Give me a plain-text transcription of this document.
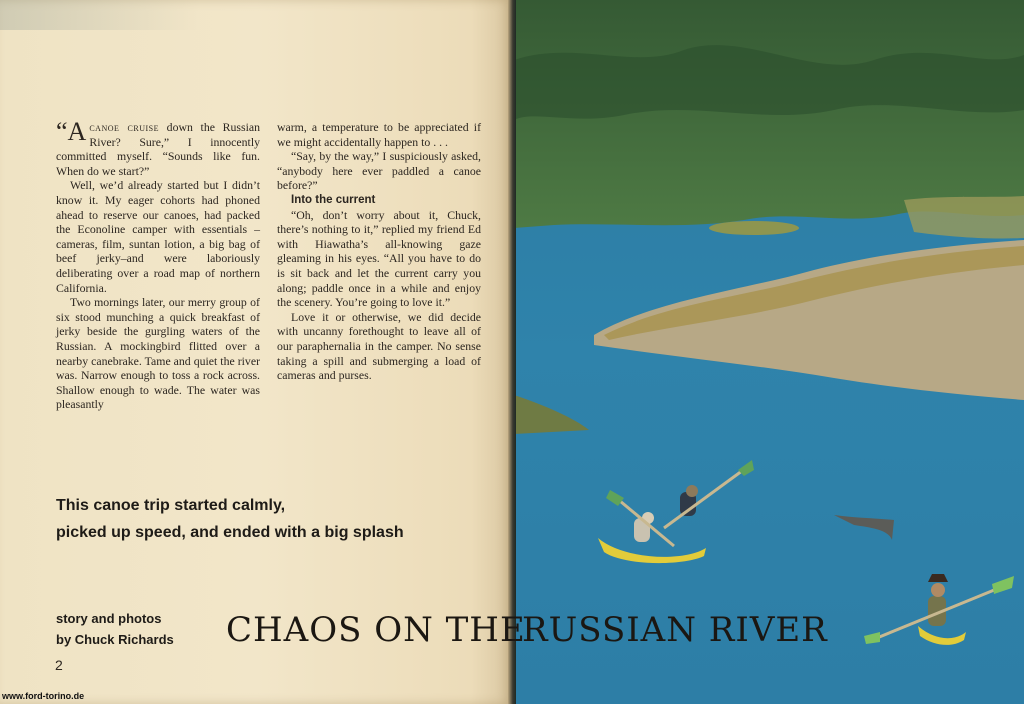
“Acanoe cruise down the Russian River? Sure,” I innocently committed myself. “Sounds like fun. When do we start?”

Well, we’d already started but I didn’t know it. My eager cohorts had phoned ahead to reserve our canoes, had packed the Econoline camper with essentials – cameras, film, suntan lotion, a big bag of beef jerky–and were laboriously deliberating over a road map of northern California.

Two mornings later, our merry group of six stood munching a quick breakfast of jerky beside the gurgling waters of the Russian. A mockingbird flitted over a nearby canebrake. Tame and quiet the river was. Narrow enough to toss a rock across. Shallow enough to wade. The water was pleasantly

warm, a temperature to be appreciated if we might accidentally happen to . . .

“Say, by the way,” I suspiciously asked, “anybody here ever paddled a canoe before?”

Into the current

“Oh, don’t worry about it, Chuck, there’s nothing to it,” replied my friend Ed with Hiawatha’s all-knowing gaze gleaming in his eyes. “All you have to do is sit back and let the current carry you along; paddle once in a while and enjoy the scenery. You’re going to love it.”

Love it or otherwise, we did decide with uncanny forethought to leave all of our paraphernalia in the camper. No sense taking a spill and submerging a load of cameras and purses.

This canoe trip started calmly,
picked up speed, and ended with a big splash
story and photos
by Chuck Richards
2
www.ford-torino.de
CHAOS ON THE
RUSSIAN RIVER
